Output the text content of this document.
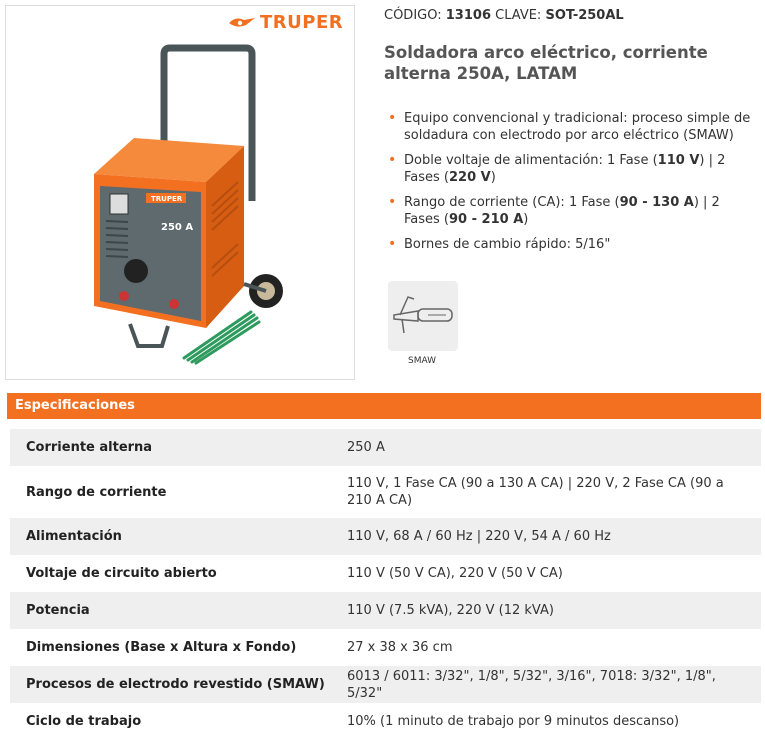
TRUPER
250 A
TRUPER	CÓDIGO: 13106 CLAVE: SOT-250AL
Soldadora arco eléctrico, corriente alterna 250A, LATAM
• Equipo convencional y tradicional: proceso simple de soldadura con electrodo por arco eléctrico (SMAW)
• Doble voltaje de alimentación: 1 Fase (110 V) | 2 Fases (220 V)
• Rango de corriente (CA): 1 Fase (90 - 130 A) | 2 Fases (90 - 210 A)
• Bornes de cambio rápido: 5/16"
SMAW
Especificaciones
Corriente alterna	250 A
Rango de corriente	110 V, 1 Fase CA (90 a 130 A CA) | 220 V, 2 Fase CA (90 a 210 A CA)
Alimentación	110 V, 68 A / 60 Hz | 220 V, 54 A / 60 Hz
Voltaje de circuito abierto	110 V (50 V CA), 220 V (50 V CA)
Potencia	110 V (7.5 kVA), 220 V (12 kVA)
Dimensiones (Base x Altura x Fondo)	27 x 38 x 36 cm
Procesos de electrodo revestido (SMAW)	6013 / 6011: 3/32", 1/8", 5/32", 3/16", 7018: 3/32", 1/8", 5/32"
Ciclo de trabajo	10% (1 minuto de trabajo por 9 minutos descanso)
